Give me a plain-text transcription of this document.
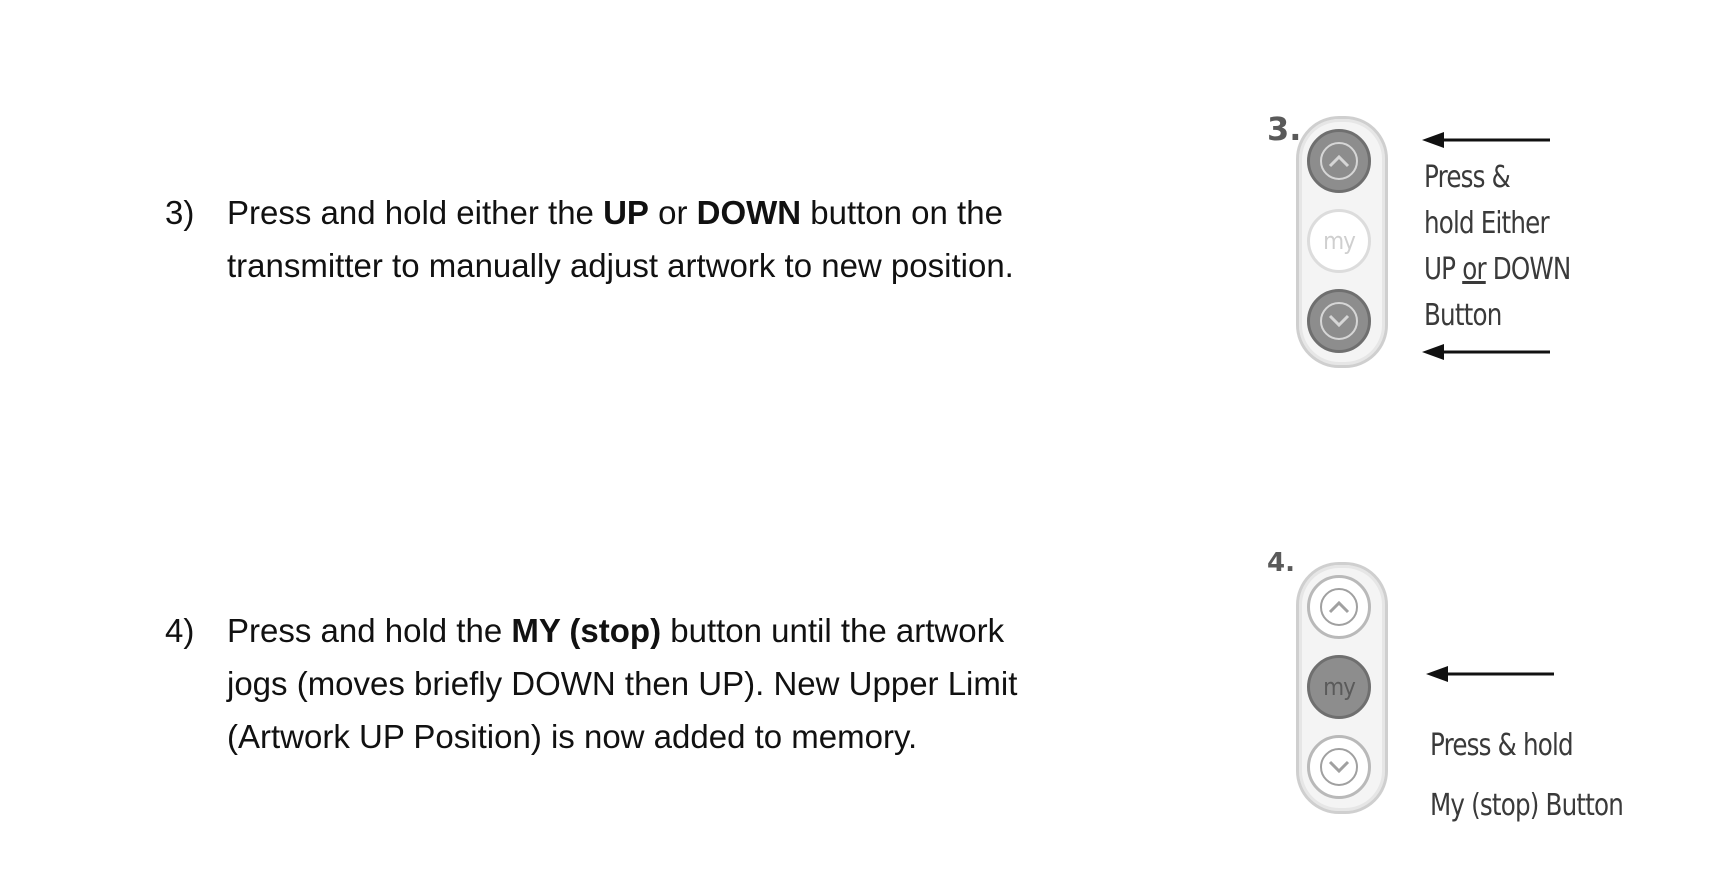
3) Press and hold either the UP or DOWN button on the transmitter to manually adjust artwork to new position.
4) Press and hold the MY (stop) button until the artwork jogs (moves briefly DOWN then UP). New Upper Limit (Artwork UP Position) is now added to memory.
3.
my
Press &
hold Either
UP or DOWN
Button
4.
my
Press & hold
My (stop) Button
